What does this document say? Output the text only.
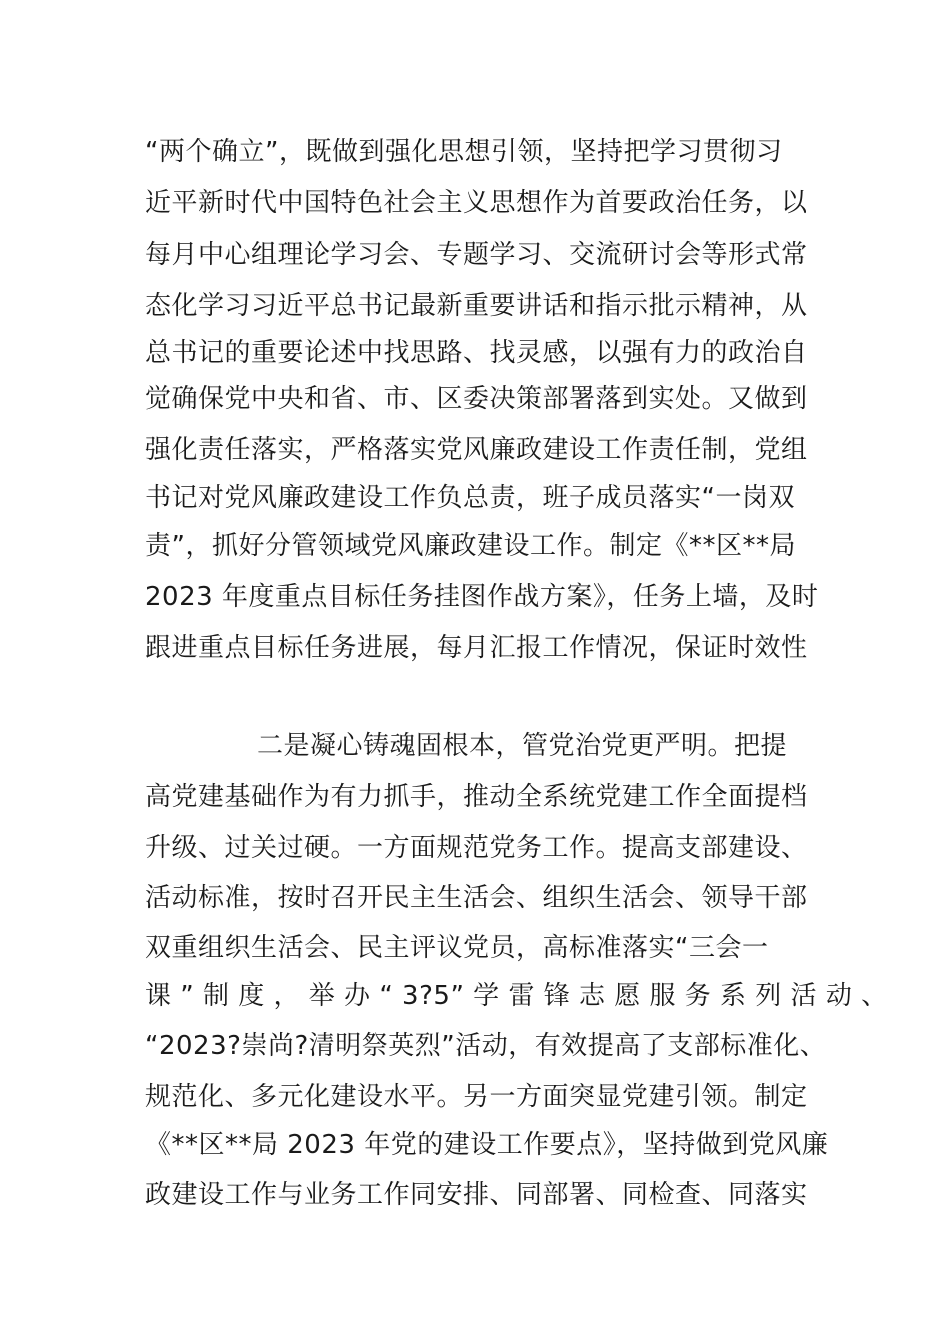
“两个确立”，既做到强化思想引领，坚持把学习贯彻习
近平新时代中国特色社会主义思想作为首要政治任务，以
每月中心组理论学习会、专题学习、交流研讨会等形式常
态化学习习近平总书记最新重要讲话和指示批示精神，从
总书记的重要论述中找思路、找灵感，以强有力的政治自
觉确保党中央和省、市、区委决策部署落到实处。又做到
强化责任落实，严格落实党风廉政建设工作责任制，党组
书记对党风廉政建设工作负总责，班子成员落实“一岗双
责”，抓好分管领域党风廉政建设工作。制定《**区**局
2023 年度重点目标任务挂图作战方案》，任务上墙，及时
跟进重点目标任务进展，每月汇报工作情况，保证时效性
二是凝心铸魂固根本，管党治党更严明。把提
高党建基础作为有力抓手，推动全系统党建工作全面提档
升级、过关过硬。一方面规范党务工作。提高支部建设、
活动标准，按时召开民主生活会、组织生活会、领导干部
双重组织生活会、民主评议党员，高标准落实“三会一
课 ” 制 度 ， 举 办 “ 3?5” 学 雷 锋 志 愿 服 务 系 列 活 动 、
“2023?崇尚?清明祭英烈”活动，有效提高了支部标准化、
规范化、多元化建设水平。另一方面突显党建引领。制定
《**区**局 2023 年党的建设工作要点》，坚持做到党风廉
政建设工作与业务工作同安排、同部署、同检查、同落实
